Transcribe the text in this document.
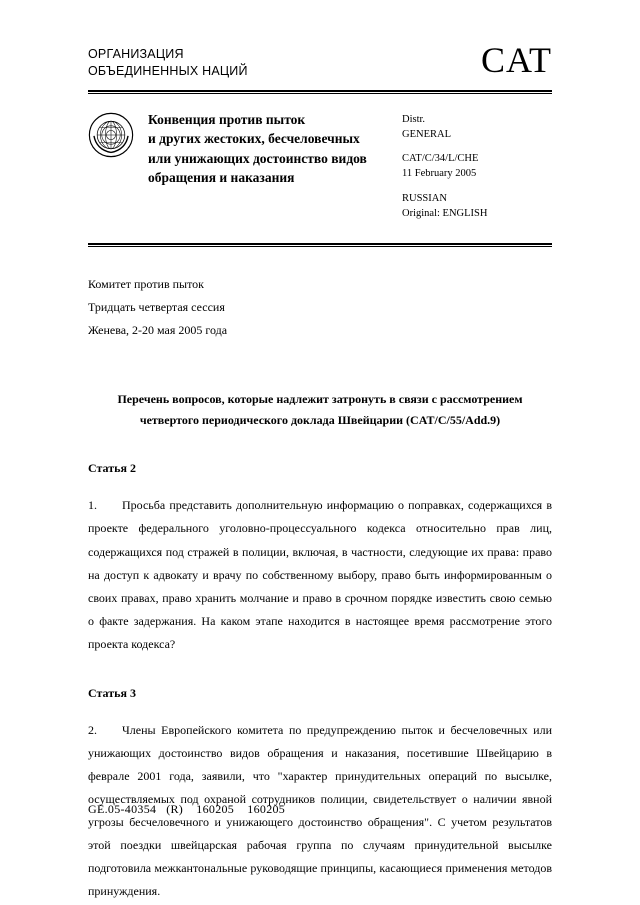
ОРГАНИЗАЦИЯ
ОБЪЕДИНЕННЫХ НАЦИЙ	CAT
Конвенция против пыток
и других жестоких, бесчеловечных
или унижающих достоинство видов
обращения и наказания
Distr.
GENERAL
CAT/C/34/L/CHE
11 February 2005
RUSSIAN
Original: ENGLISH
Комитет против пыток
Тридцать четвертая сессия
Женева, 2-20 мая 2005 года
Перечень вопросов, которые надлежит затронуть в связи с рассмотрением
четвертого периодического доклада Швейцарии (CAT/C/55/Add.9)
Статья 2
1. Просьба представить дополнительную информацию о поправках, содержащихся в проекте федерального уголовно-процессуального кодекса относительно прав лиц, содержащихся под стражей в полиции, включая, в частности, следующие их права: право на доступ к адвокату и врачу по собственному выбору, право быть информированным о своих правах, право хранить молчание и право в срочном порядке известить свою семью о факте задержания. На каком этапе находится в настоящее время рассмотрение этого проекта кодекса?
Статья 3
2. Члены Европейского комитета по предупреждению пыток и бесчеловечных или унижающих достоинство видов обращения и наказания, посетившие Швейцарию в феврале 2001 года, заявили, что "характер принудительных операций по высылке, осуществляемых под охраной сотрудников полиции, свидетельствует о наличии явной угрозы бесчеловечного и унижающего достоинство обращения". С учетом результатов этой поездки швейцарская рабочая группа по случаям принудительной высылке подготовила межкантональные руководящие принципы, касающиеся применения методов принуждения.
GE.05-40354   (R)    160205    160205
